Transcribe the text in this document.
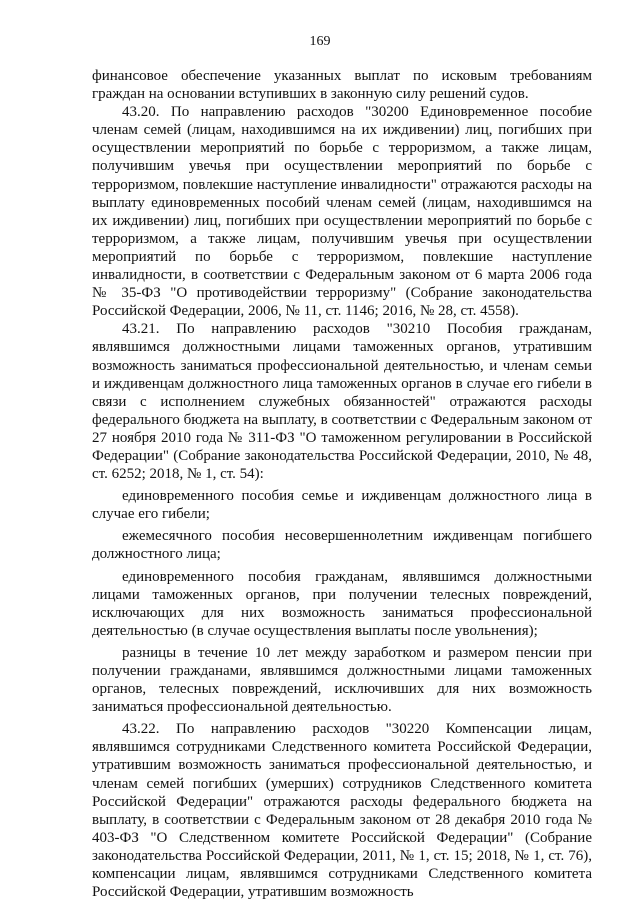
169

финансовое обеспечение указанных выплат по исковым требованиям граждан на основании вступивших в законную силу решений судов.

43.20. По направлению расходов "30200 Единовременное пособие членам семей (лицам, находившимся на их иждивении) лиц, погибших при осуществлении мероприятий по борьбе с терроризмом, а также лицам, получившим увечья при осуществлении мероприятий по борьбе с терроризмом, повлекшие наступление инвалидности" отражаются расходы на выплату единовременных пособий членам семей (лицам, находившимся на их иждивении) лиц, погибших при осуществлении мероприятий по борьбе с терроризмом, а также лицам, получившим увечья при осуществлении мероприятий по борьбе с терроризмом, повлекшие наступление инвалидности, в соответствии с Федеральным законом от 6 марта 2006 года № 35-ФЗ "О противодействии терроризму" (Собрание законодательства Российской Федерации, 2006, № 11, ст. 1146; 2016, № 28, ст. 4558).

43.21. По направлению расходов "30210 Пособия гражданам, являвшимся должностными лицами таможенных органов, утратившим возможность заниматься профессиональной деятельностью, и членам семьи и иждивенцам должностного лица таможенных органов в случае его гибели в связи с исполнением служебных обязанностей" отражаются расходы федерального бюджета на выплату, в соответствии с Федеральным законом от 27 ноября 2010 года № 311-ФЗ "О таможенном регулировании в Российской Федерации" (Собрание законодательства Российской Федерации, 2010, № 48, ст. 6252; 2018, № 1, ст. 54):

единовременного пособия семье и иждивенцам должностного лица в случае его гибели;

ежемесячного пособия несовершеннолетним иждивенцам погибшего должностного лица;

единовременного пособия гражданам, являвшимся должностными лицами таможенных органов, при получении телесных повреждений, исключающих для них возможность заниматься профессиональной деятельностью (в случае осуществления выплаты после увольнения);

разницы в течение 10 лет между заработком и размером пенсии при получении гражданами, являвшимся должностными лицами таможенных органов, телесных повреждений, исключивших для них возможность заниматься профессиональной деятельностью.

43.22. По направлению расходов "30220 Компенсации лицам, являвшимся сотрудниками Следственного комитета Российской Федерации, утратившим возможность заниматься профессиональной деятельностью, и членам семей погибших (умерших) сотрудников Следственного комитета Российской Федерации" отражаются расходы федерального бюджета на выплату, в соответствии с Федеральным законом от 28 декабря 2010 года № 403-ФЗ "О Следственном комитете Российской Федерации" (Собрание законодательства Российской Федерации, 2011, № 1, ст. 15; 2018, № 1, ст. 76), компенсации лицам, являвшимся сотрудниками Следственного комитета Российской Федерации, утратившим возможность
